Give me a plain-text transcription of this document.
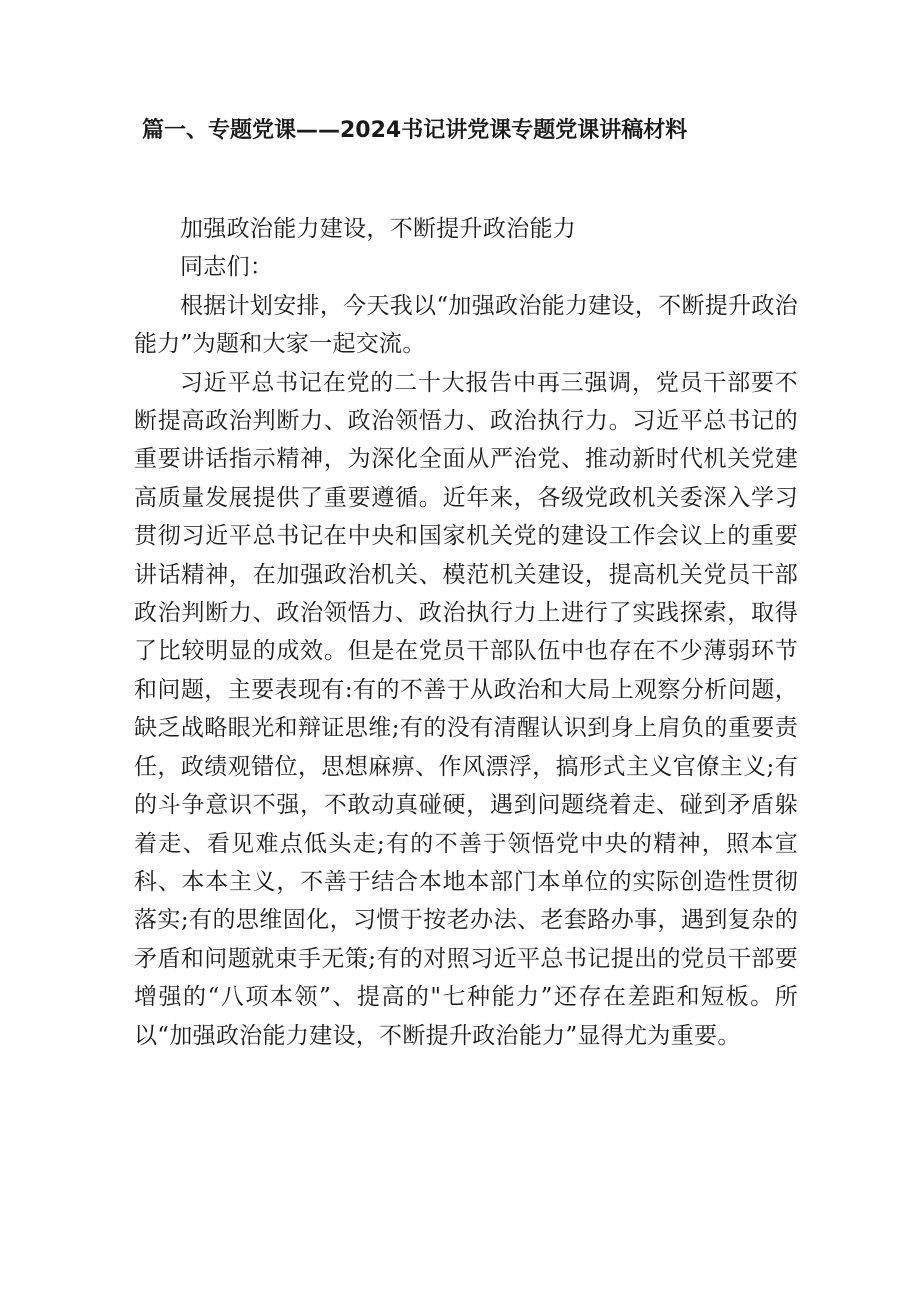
篇一、专题党课——2024书记讲党课专题党课讲稿材料

加强政治能力建设，不断提升政治能力

同志们：

根据计划安排，今天我以“加强政治能力建设，不断提升政治能力”为题和大家一起交流。

习近平总书记在党的二十大报告中再三强调，党员干部要不断提高政治判断力、政治领悟力、政治执行力。习近平总书记的重要讲话指示精神，为深化全面从严治党、推动新时代机关党建高质量发展提供了重要遵循。近年来，各级党政机关委深入学习贯彻习近平总书记在中央和国家机关党的建设工作会议上的重要讲话精神，在加强政治机关、模范机关建设，提高机关党员干部政治判断力、政治领悟力、政治执行力上进行了实践探索，取得了比较明显的成效。但是在党员干部队伍中也存在不少薄弱环节和问题，主要表现有:有的不善于从政治和大局上观察分析问题，缺乏战略眼光和辩证思维;有的没有清醒认识到身上肩负的重要责任，政绩观错位，思想麻痹、作风漂浮，搞形式主义官僚主义;有的斗争意识不强，不敢动真碰硬，遇到问题绕着走、碰到矛盾躲着走、看见难点低头走;有的不善于领悟党中央的精神，照本宣科、本本主义，不善于结合本地本部门本单位的实际创造性贯彻落实;有的思维固化，习惯于按老办法、老套路办事，遇到复杂的矛盾和问题就束手无策;有的对照习近平总书记提出的党员干部要增强的“八项本领”、提高的"七种能力”还存在差距和短板。所以“加强政治能力建设，不断提升政治能力”显得尤为重要。
